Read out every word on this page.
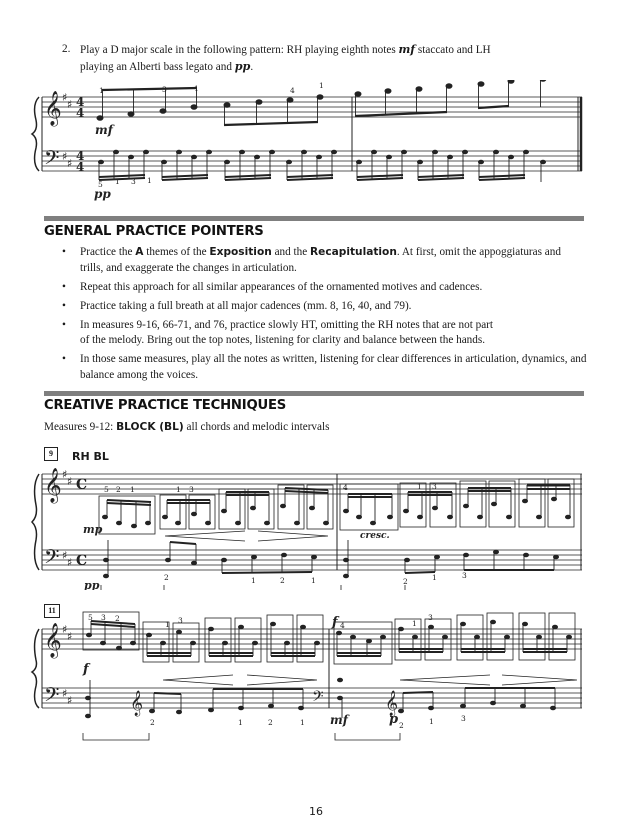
2. Play a D major scale in the following pattern: RH playing eighth notes mf staccato and LH
playing an Alberti bass legato and pp.
𝄞
𝄢
♯
♯
♯
♯
4
4
4
4
1	3	1	4
1
5 1 3 1
mf
pp
GENERAL PRACTICE POINTERS
• Practice the A themes of the Exposition and the Recapitulation. At first, omit the appoggiaturas and trills, and exaggerate the changes in articulation.
• Repeat this approach for all similar appearances of the ornamented motives and cadences.
• Practice taking a full breath at all major cadences (mm. 8, 16, 40, and 79).
• In measures 9-16, 66-71, and 76, practice slowly HT, omitting the RH notes that are not part
of the melody. Bring out the top notes, listening for clarity and balance between the hands.
• In those same measures, play all the notes as written, listening for clear differences in articulation, dynamics, and balance among the voices.
CREATIVE PRACTICE TECHNIQUES
Measures 9-12: BLOCK (BL) all chords and melodic intervals
9	RH BL
𝄞
𝄢
♯
♯
♯
♯
C
C
5 2 1	1 3	4	1 3
2	1	2	1	2	1	3
mp
pp
cresc.
11
𝄞
𝄢
♯
♯
♯
♯	𝄞	𝄢	𝄞
5 3 2
1 3
4	1
3
2	1	2	1	2	1	3
f
f
mf	p
16
